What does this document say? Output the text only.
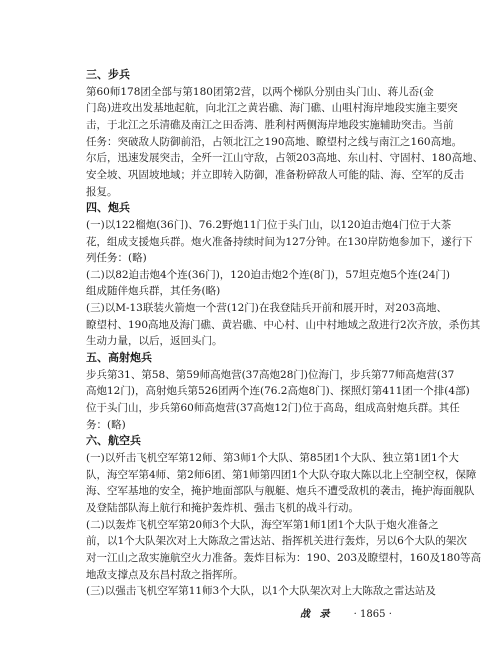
三、步兵
第60师178团全部与第180团第2营，以两个梯队分别由头门山、蒋儿岙(金
门岛)进攻出发基地起航，向北江之黄岩礁、海门礁、山咀村海岸地段实施主要突
击，于北江之乐清礁及南江之田岙湾、胜利村两侧海岸地段实施辅助突击。当前
任务：突破敌人防御前沿，占领北江之190高地、瞭望村之线与南江之160高地。
尔后，迅速发展突击，全歼一江山守敌，占领203高地、东山村、守固村、180高地、
安全坡、巩固坡地域；并立即转入防御，准备粉碎敌人可能的陆、海、空军的反击
报复。
四、炮兵
(一)以122榴炮(36门)、76.2野炮11门位于头门山，以120迫击炮4门位于大茶
花，组成支援炮兵群。炮火准备持续时间为127分钟。在130岸防炮参加下，遂行下
列任务：(略)
(二)以82迫击炮4个连(36门)，120迫击炮2个连(8门)，57坦克炮5个连(24门)
组成随伴炮兵群，其任务(略)
(三)以M-13联装火箭炮一个营(12门)在我登陆兵开前和展开时，对203高地、
瞭望村、190高地及海门礁、黄岩礁、中心村、山中村地域之敌进行2次齐放，杀伤其
生动力量，以后，返回头门。
五、高射炮兵
步兵第31、第58、第59师高炮营(37高炮28门)位海门，步兵第77师高炮营(37
高炮12门)，高射炮兵第526团两个连(76.2高炮8门)、探照灯第411团一个排(4部)
位于头门山，步兵第60师高炮营(37高炮12门)位于高岛，组成高射炮兵群。其任
务：(略)
六、航空兵
(一)以歼击飞机空军第12师、第3师1个大队、第85团1个大队、独立第1团1个大
队，海空军第4师、第2师6团、第1师第四团1个大队夺取大陈以北上空制空权，保障
海、空军基地的安全，掩护地面部队与舰艇、炮兵不遭受敌机的袭击，掩护海面舰队
及登陆部队海上航行和掩护轰炸机、强击飞机的战斗行动。
(二)以轰炸飞机空军第20师3个大队，海空军第1师1团1个大队于炮火准备之
前，以1个大队架次对上大陈敌之雷达站、指挥机关进行轰炸，另以6个大队的架次
对一江山之敌实施航空火力准备。轰炸目标为：190、203及瞭望村，160及180等高
地敌支撑点及东昌村敌之指挥所。
(三)以强击飞机空军第11师3个大队，以1个大队架次对上大陈敌之雷达站及
战 录 · 1865 ·
